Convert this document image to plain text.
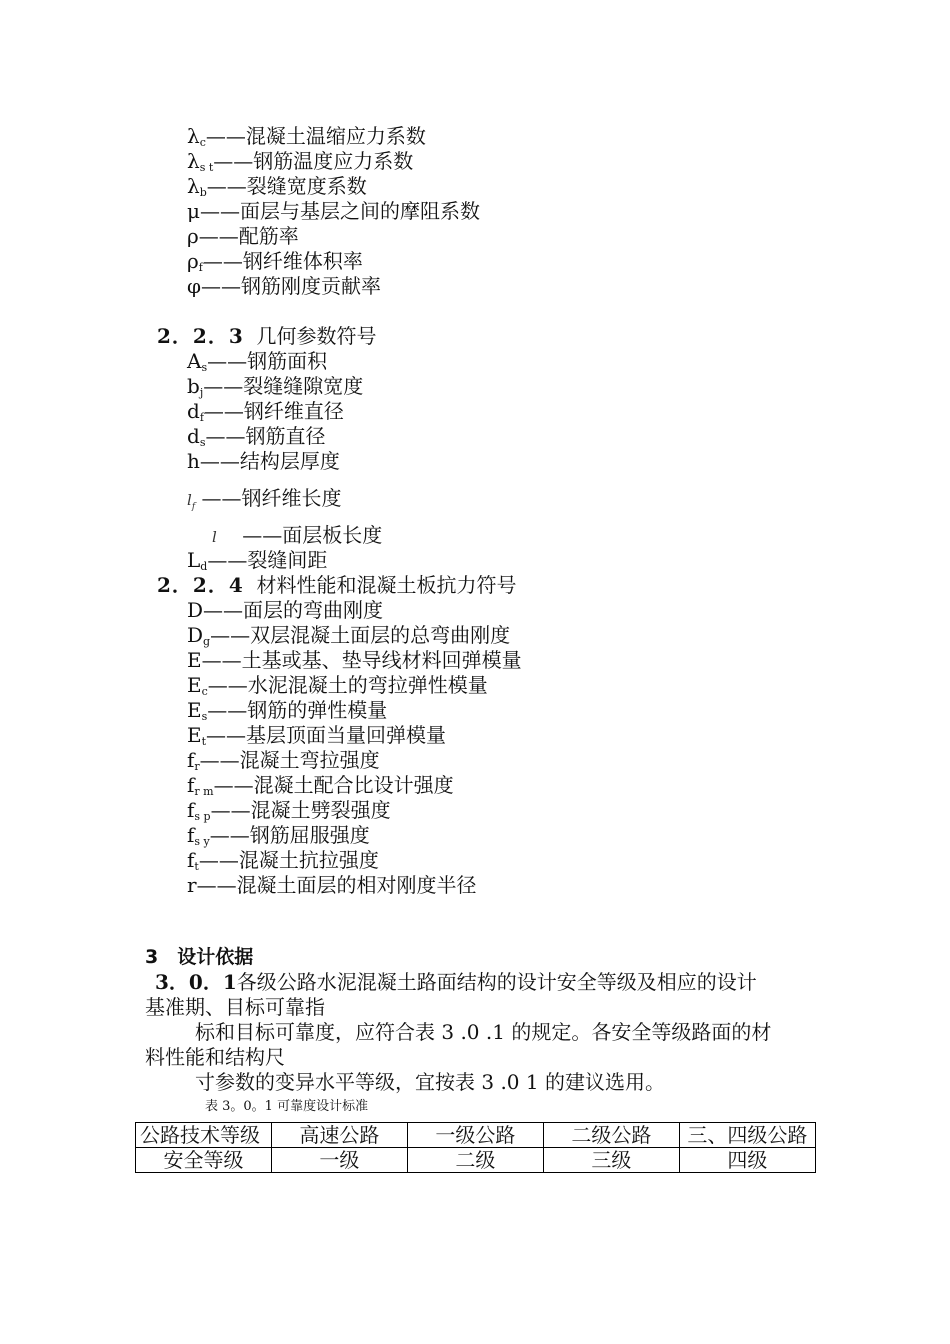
$\lambda_c——$混凝土温缩应力系数
$\lambda_{s t}——$钢筋温度应力系数
$\lambda_b——$裂缝宽度系数
μ——面层与基层之间的摩阻系数
ρ——配筋率
$\rho_f——$钢纤维体积率
φ——钢筋刚度贡献率
2．2．3 几何参数符号
$A_s——$钢筋面积
$b_j——$裂缝缝隙宽度
$d_f——$钢纤维直径
$d_s——$钢筋直径
h——结构层厚度
$l_f$ ——钢纤维长度
l ——面层板长度
$L_d——$裂缝间距
2．2．4 材料性能和混凝土板抗力符号
D——面层的弯曲刚度
$D_g——$双层混凝土面层的总弯曲刚度
E——土基或基、垫导线材料回弹模量
$E_c——$水泥混凝土的弯拉弹性模量
$E_s——$钢筋的弹性模量
$E_t——$基层顶面当量回弹模量
$f_r——$混凝土弯拉强度
$f_{r m}——$混凝土配合比设计强度
$f_{s p}——$混凝土劈裂强度
$f_{s y}——$钢筋屈服强度
$f_t——$混凝土抗拉强度
r——混凝土面层的相对刚度半径
3　设计依据
3．0．1各级公路水泥混凝土路面结构的设计安全等级及相应的设计
基准期、目标可靠指
标和目标可靠度，应符合表 3 .0 .1 的规定。各安全等级路面的材
料性能和结构尺
寸参数的变异水平等级，宜按表 3 .0 1 的建议选用。
表 3。0。1 可靠度设计标准
公路技术等级	高速公路	一级公路	二级公路	三、四级公路
安全等级	一级	二级	三级	四级
